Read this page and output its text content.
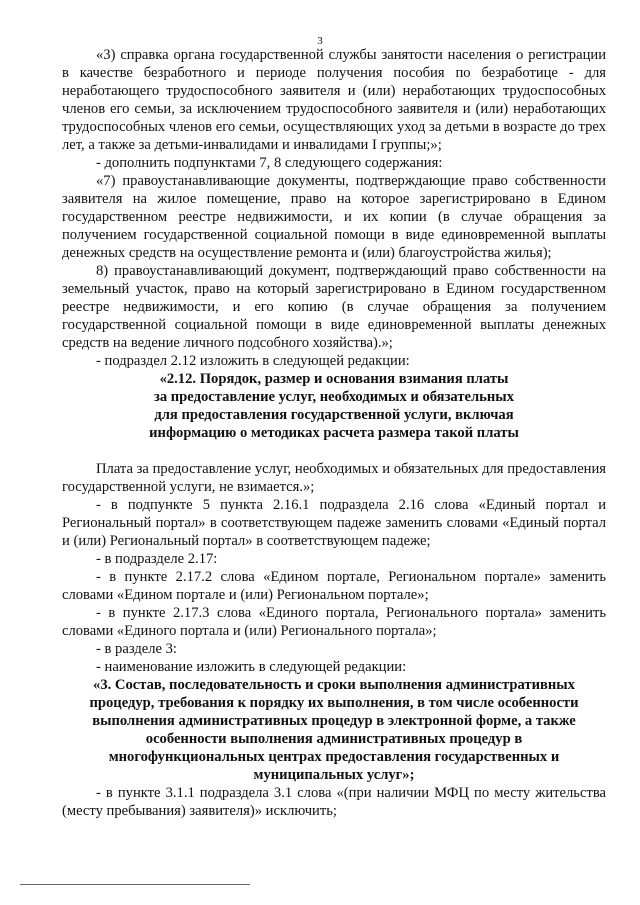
3

«3) справка органа государственной службы занятости населения о регистрации в качестве безработного и периоде получения пособия по безработице - для неработающего трудоспособного заявителя и (или) неработающих трудоспособных членов его семьи, за исключением трудоспособного заявителя и (или) неработающих трудоспособных членов его семьи, осуществляющих уход за детьми в возрасте до трех лет, а также за детьми-инвалидами и инвалидами I группы;»;

- дополнить подпунктами 7, 8 следующего содержания:

«7) правоустанавливающие документы, подтверждающие право собственности заявителя на жилое помещение, право на которое зарегистрировано в Едином государственном реестре недвижимости, и их копии (в случае обращения за получением государственной социальной помощи в виде единовременной выплаты денежных средств на осуществление ремонта и (или) благоустройства жилья);

8) правоустанавливающий документ, подтверждающий право собственности на земельный участок, право на который зарегистрировано в Едином государственном реестре недвижимости, и его копию (в случае обращения за получением государственной социальной помощи в виде единовременной выплаты денежных средств на ведение личного подсобного хозяйства).»;

- подраздел 2.12 изложить в следующей редакции:

«2.12. Порядок, размер и основания взимания платы

за предоставление услуг, необходимых и обязательных

для предоставления государственной услуги, включая

информацию о методиках расчета размера такой платы

Плата за предоставление услуг, необходимых и обязательных для предоставления государственной услуги, не взимается.»;

- в подпункте 5 пункта 2.16.1 подраздела 2.16 слова «Единый портал и Региональный портал» в соответствующем падеже заменить словами «Единый портал и (или) Региональный портал» в соответствующем падеже;

- в подразделе 2.17:

- в пункте 2.17.2 слова «Едином портале, Региональном портале» заменить словами «Едином портале и (или) Региональном портале»;

- в пункте 2.17.3 слова «Единого портала, Регионального портала» заменить словами «Единого портала и (или) Регионального портала»;

- в разделе 3:

- наименование изложить в следующей редакции:

«3. Состав, последовательность и сроки выполнения административных

процедур, требования к порядку их выполнения, в том числе особенности

выполнения административных процедур в электронной форме, а также

особенности выполнения административных процедур в

многофункциональных центрах предоставления государственных и

муниципальных услуг»;

- в пункте 3.1.1 подраздела 3.1 слова «(при наличии МФЦ по месту жительства (месту пребывания) заявителя)» исключить;
